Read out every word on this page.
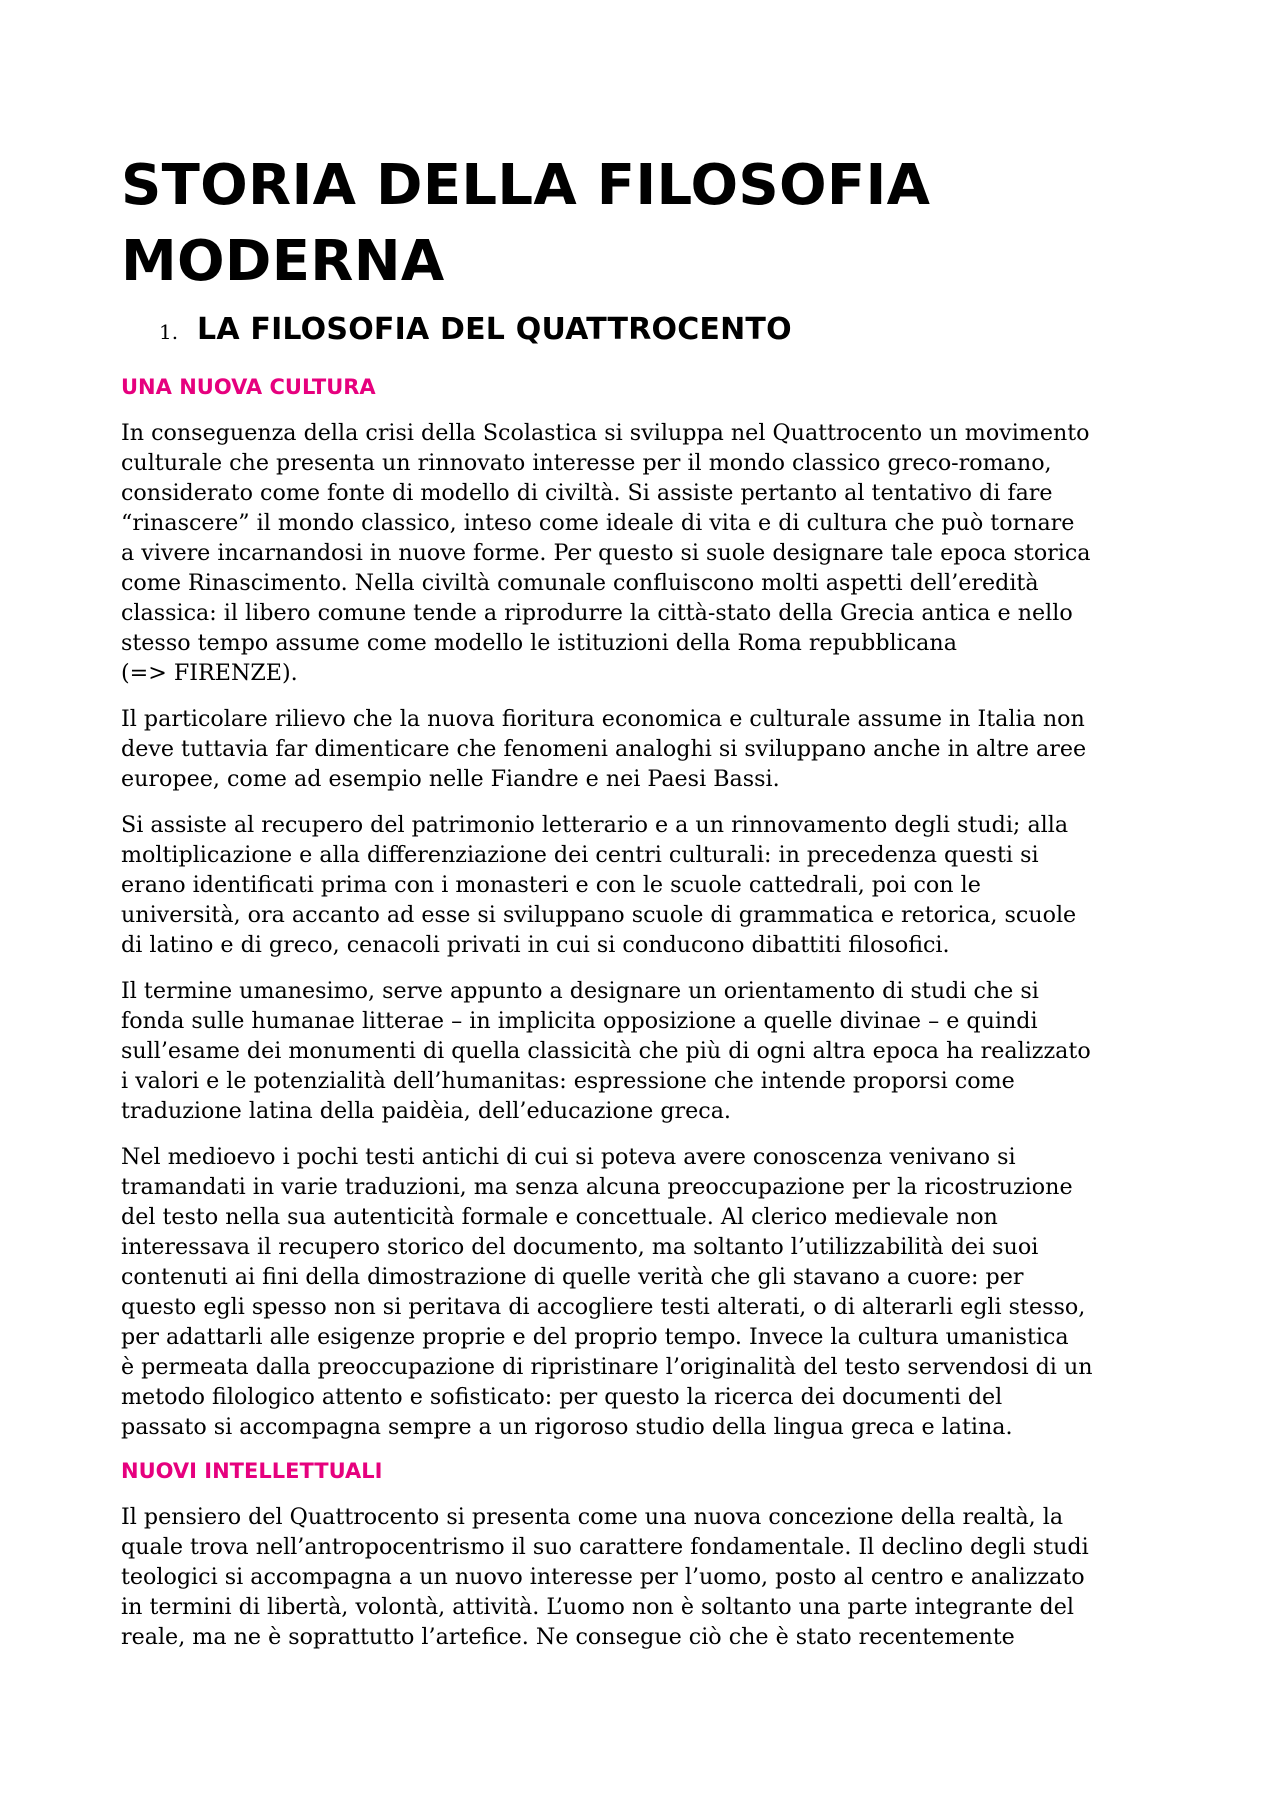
STORIA DELLA FILOSOFIA
MODERNA
1. LA FILOSOFIA DEL QUATTROCENTO
UNA NUOVA CULTURA

In conseguenza della crisi della Scolastica si sviluppa nel Quattrocento un movimento
culturale che presenta un rinnovato interesse per il mondo classico greco-romano,
considerato come fonte di modello di civiltà. Si assiste pertanto al tentativo di fare
“rinascere” il mondo classico, inteso come ideale di vita e di cultura che può tornare
a vivere incarnandosi in nuove forme. Per questo si suole designare tale epoca storica
come Rinascimento. Nella civiltà comunale confluiscono molti aspetti dell’eredità
classica: il libero comune tende a riprodurre la città-stato della Grecia antica e nello
stesso tempo assume come modello le istituzioni della Roma repubblicana
(=> FIRENZE).

Il particolare rilievo che la nuova fioritura economica e culturale assume in Italia non
deve tuttavia far dimenticare che fenomeni analoghi si sviluppano anche in altre aree
europee, come ad esempio nelle Fiandre e nei Paesi Bassi.

Si assiste al recupero del patrimonio letterario e a un rinnovamento degli studi; alla
moltiplicazione e alla differenziazione dei centri culturali: in precedenza questi si
erano identificati prima con i monasteri e con le scuole cattedrali, poi con le
università, ora accanto ad esse si sviluppano scuole di grammatica e retorica, scuole
di latino e di greco, cenacoli privati in cui si conducono dibattiti filosofici.

Il termine umanesimo, serve appunto a designare un orientamento di studi che si
fonda sulle humanae litterae – in implicita opposizione a quelle divinae – e quindi
sull’esame dei monumenti di quella classicità che più di ogni altra epoca ha realizzato
i valori e le potenzialità dell’humanitas: espressione che intende proporsi come
traduzione latina della paidèia, dell’educazione greca.

Nel medioevo i pochi testi antichi di cui si poteva avere conoscenza venivano si
tramandati in varie traduzioni, ma senza alcuna preoccupazione per la ricostruzione
del testo nella sua autenticità formale e concettuale. Al clerico medievale non
interessava il recupero storico del documento, ma soltanto l’utilizzabilità dei suoi
contenuti ai fini della dimostrazione di quelle verità che gli stavano a cuore: per
questo egli spesso non si peritava di accogliere testi alterati, o di alterarli egli stesso,
per adattarli alle esigenze proprie e del proprio tempo. Invece la cultura umanistica
è permeata dalla preoccupazione di ripristinare l’originalità del testo servendosi di un
metodo filologico attento e sofisticato: per questo la ricerca dei documenti del
passato si accompagna sempre a un rigoroso studio della lingua greca e latina.

NUOVI INTELLETTUALI

Il pensiero del Quattrocento si presenta come una nuova concezione della realtà, la
quale trova nell’antropocentrismo il suo carattere fondamentale. Il declino degli studi
teologici si accompagna a un nuovo interesse per l’uomo, posto al centro e analizzato
in termini di libertà, volontà, attività. L’uomo non è soltanto una parte integrante del
reale, ma ne è soprattutto l’artefice. Ne consegue ciò che è stato recentemente
